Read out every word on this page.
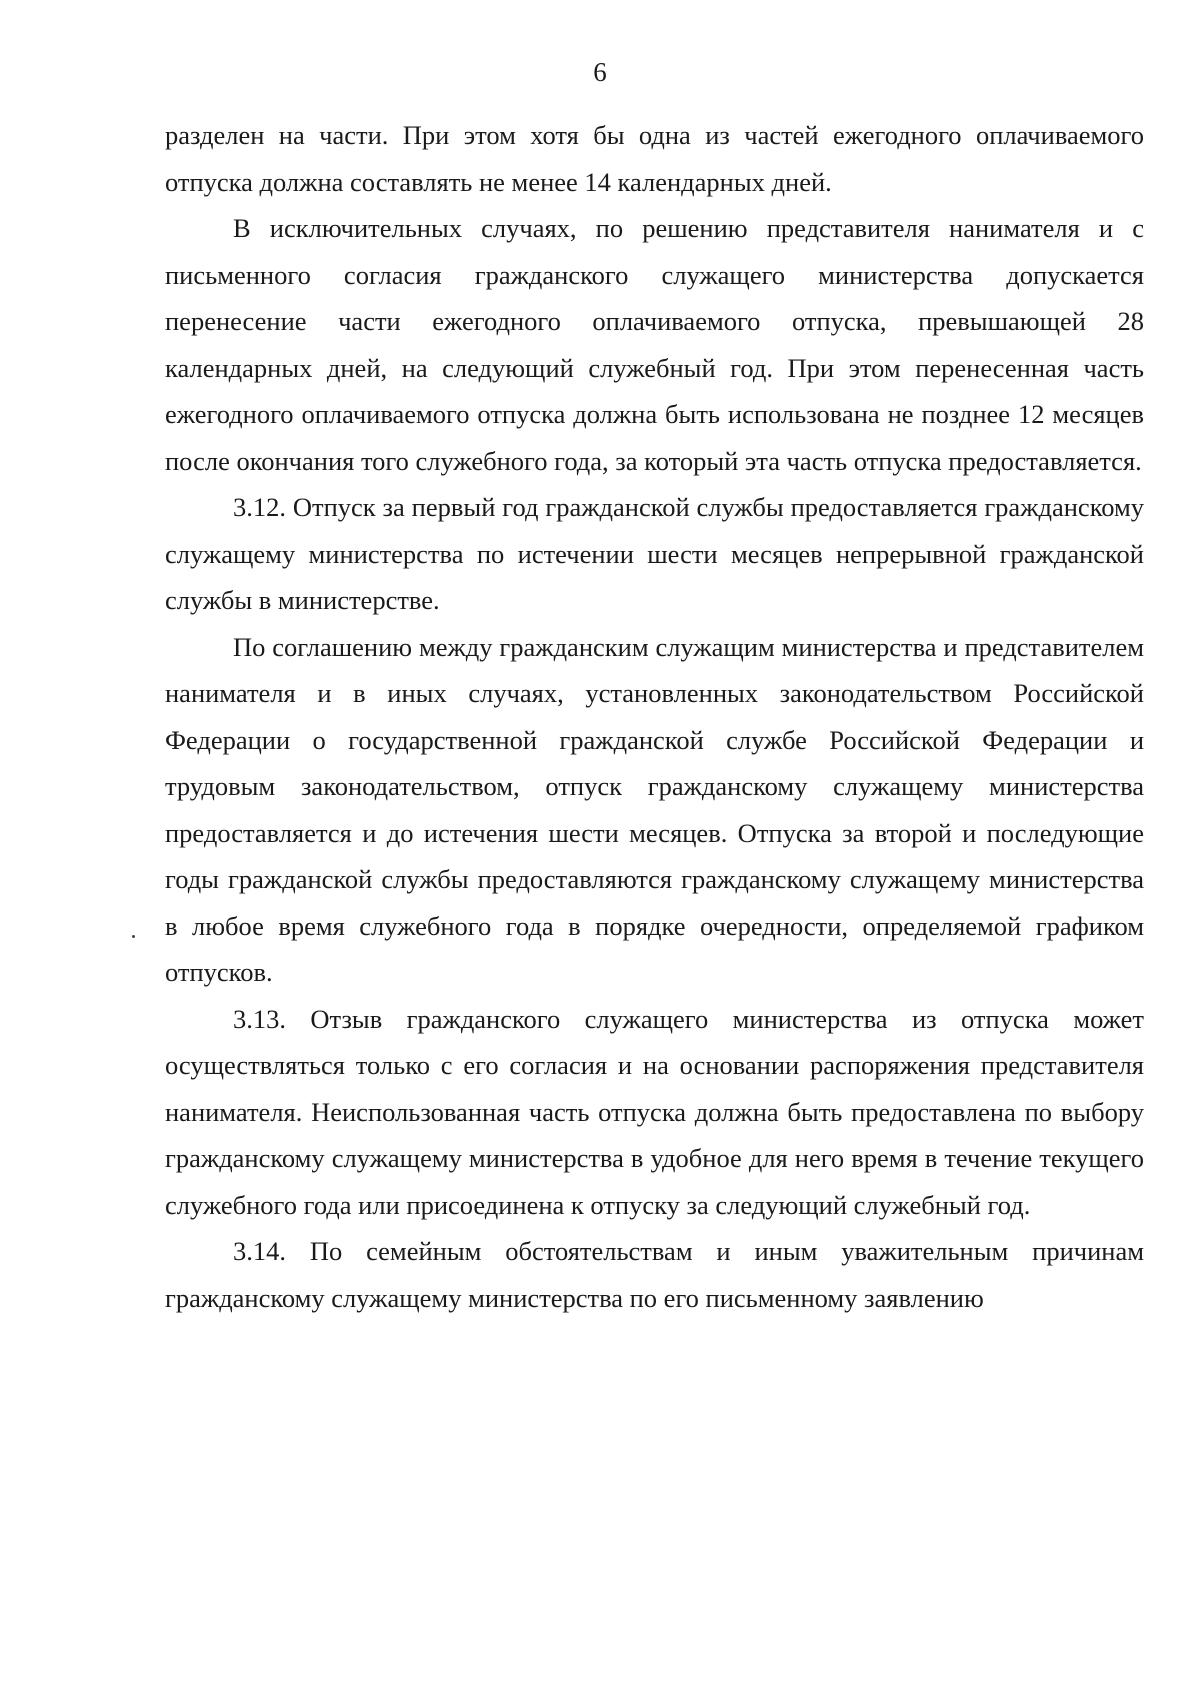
6

разделен на части. При этом хотя бы одна из частей ежегодного оплачиваемого отпуска должна составлять не менее 14 календарных дней.

В исключительных случаях, по решению представителя нанимателя и с письменного согласия гражданского служащего министерства допускается перенесение части ежегодного оплачиваемого отпуска, превышающей 28 календарных дней, на следующий служебный год. При этом перенесенная часть ежегодного оплачиваемого отпуска должна быть использована не позднее 12 месяцев после окончания того служебного года, за который эта часть отпуска предоставляется.

3.12. Отпуск за первый год гражданской службы предоставляется гражданскому служащему министерства по истечении шести месяцев непрерывной гражданской службы в министерстве.

По соглашению между гражданским служащим министерства и представителем нанимателя и в иных случаях, установленных законодательством Российской Федерации о государственной гражданской службе Российской Федерации и трудовым законодательством, отпуск гражданскому служащему министерства предоставляется и до истечения шести месяцев. Отпуска за второй и последующие годы гражданской службы предоставляются гражданскому служащему министерства в любое время служебного года в порядке очередности, определяемой графиком отпусков.

3.13. Отзыв гражданского служащего министерства из отпуска может осуществляться только с его согласия и на основании распоряжения представителя нанимателя. Неиспользованная часть отпуска должна быть предоставлена по выбору гражданскому служащему министерства в удобное для него время в течение текущего служебного года или присоединена к отпуску за следующий служебный год.

3.14. По семейным обстоятельствам и иным уважительным причинам гражданскому служащему министерства по его письменному заявлению
